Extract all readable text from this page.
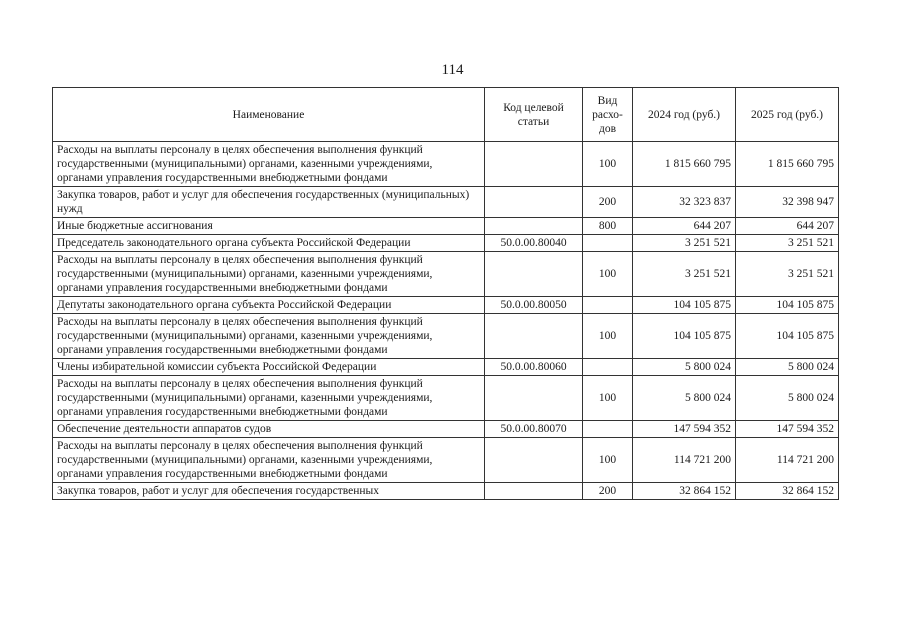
114
Наименование	Код целевой статьи	Вид расхо-дов	2024 год (руб.)	2025 год (руб.)
Расходы на выплаты персоналу в целях обеспечения выполнения функций государственными (муниципальными) органами, казенными учреждениями, органами управления государственными внебюджетными фондами		100	1 815 660 795	1 815 660 795
Закупка товаров, работ и услуг для обеспечения государственных (муниципальных) нужд		200	32 323 837	32 398 947
Иные бюджетные ассигнования		800	644 207	644 207
Председатель законодательного органа субъекта Российской Федерации	50.0.00.80040		3 251 521	3 251 521
Расходы на выплаты персоналу в целях обеспечения выполнения функций государственными (муниципальными) органами, казенными учреждениями, органами управления государственными внебюджетными фондами		100	3 251 521	3 251 521
Депутаты законодательного органа субъекта Российской Федерации	50.0.00.80050		104 105 875	104 105 875
Расходы на выплаты персоналу в целях обеспечения выполнения функций государственными (муниципальными) органами, казенными учреждениями, органами управления государственными внебюджетными фондами		100	104 105 875	104 105 875
Члены избирательной комиссии субъекта Российской Федерации	50.0.00.80060		5 800 024	5 800 024
Расходы на выплаты персоналу в целях обеспечения выполнения функций государственными (муниципальными) органами, казенными учреждениями, органами управления государственными внебюджетными фондами		100	5 800 024	5 800 024
Обеспечение деятельности аппаратов судов	50.0.00.80070		147 594 352	147 594 352
Расходы на выплаты персоналу в целях обеспечения выполнения функций государственными (муниципальными) органами, казенными учреждениями, органами управления государственными внебюджетными фондами		100	114 721 200	114 721 200
Закупка товаров, работ и услуг для обеспечения государственных		200	32 864 152	32 864 152
